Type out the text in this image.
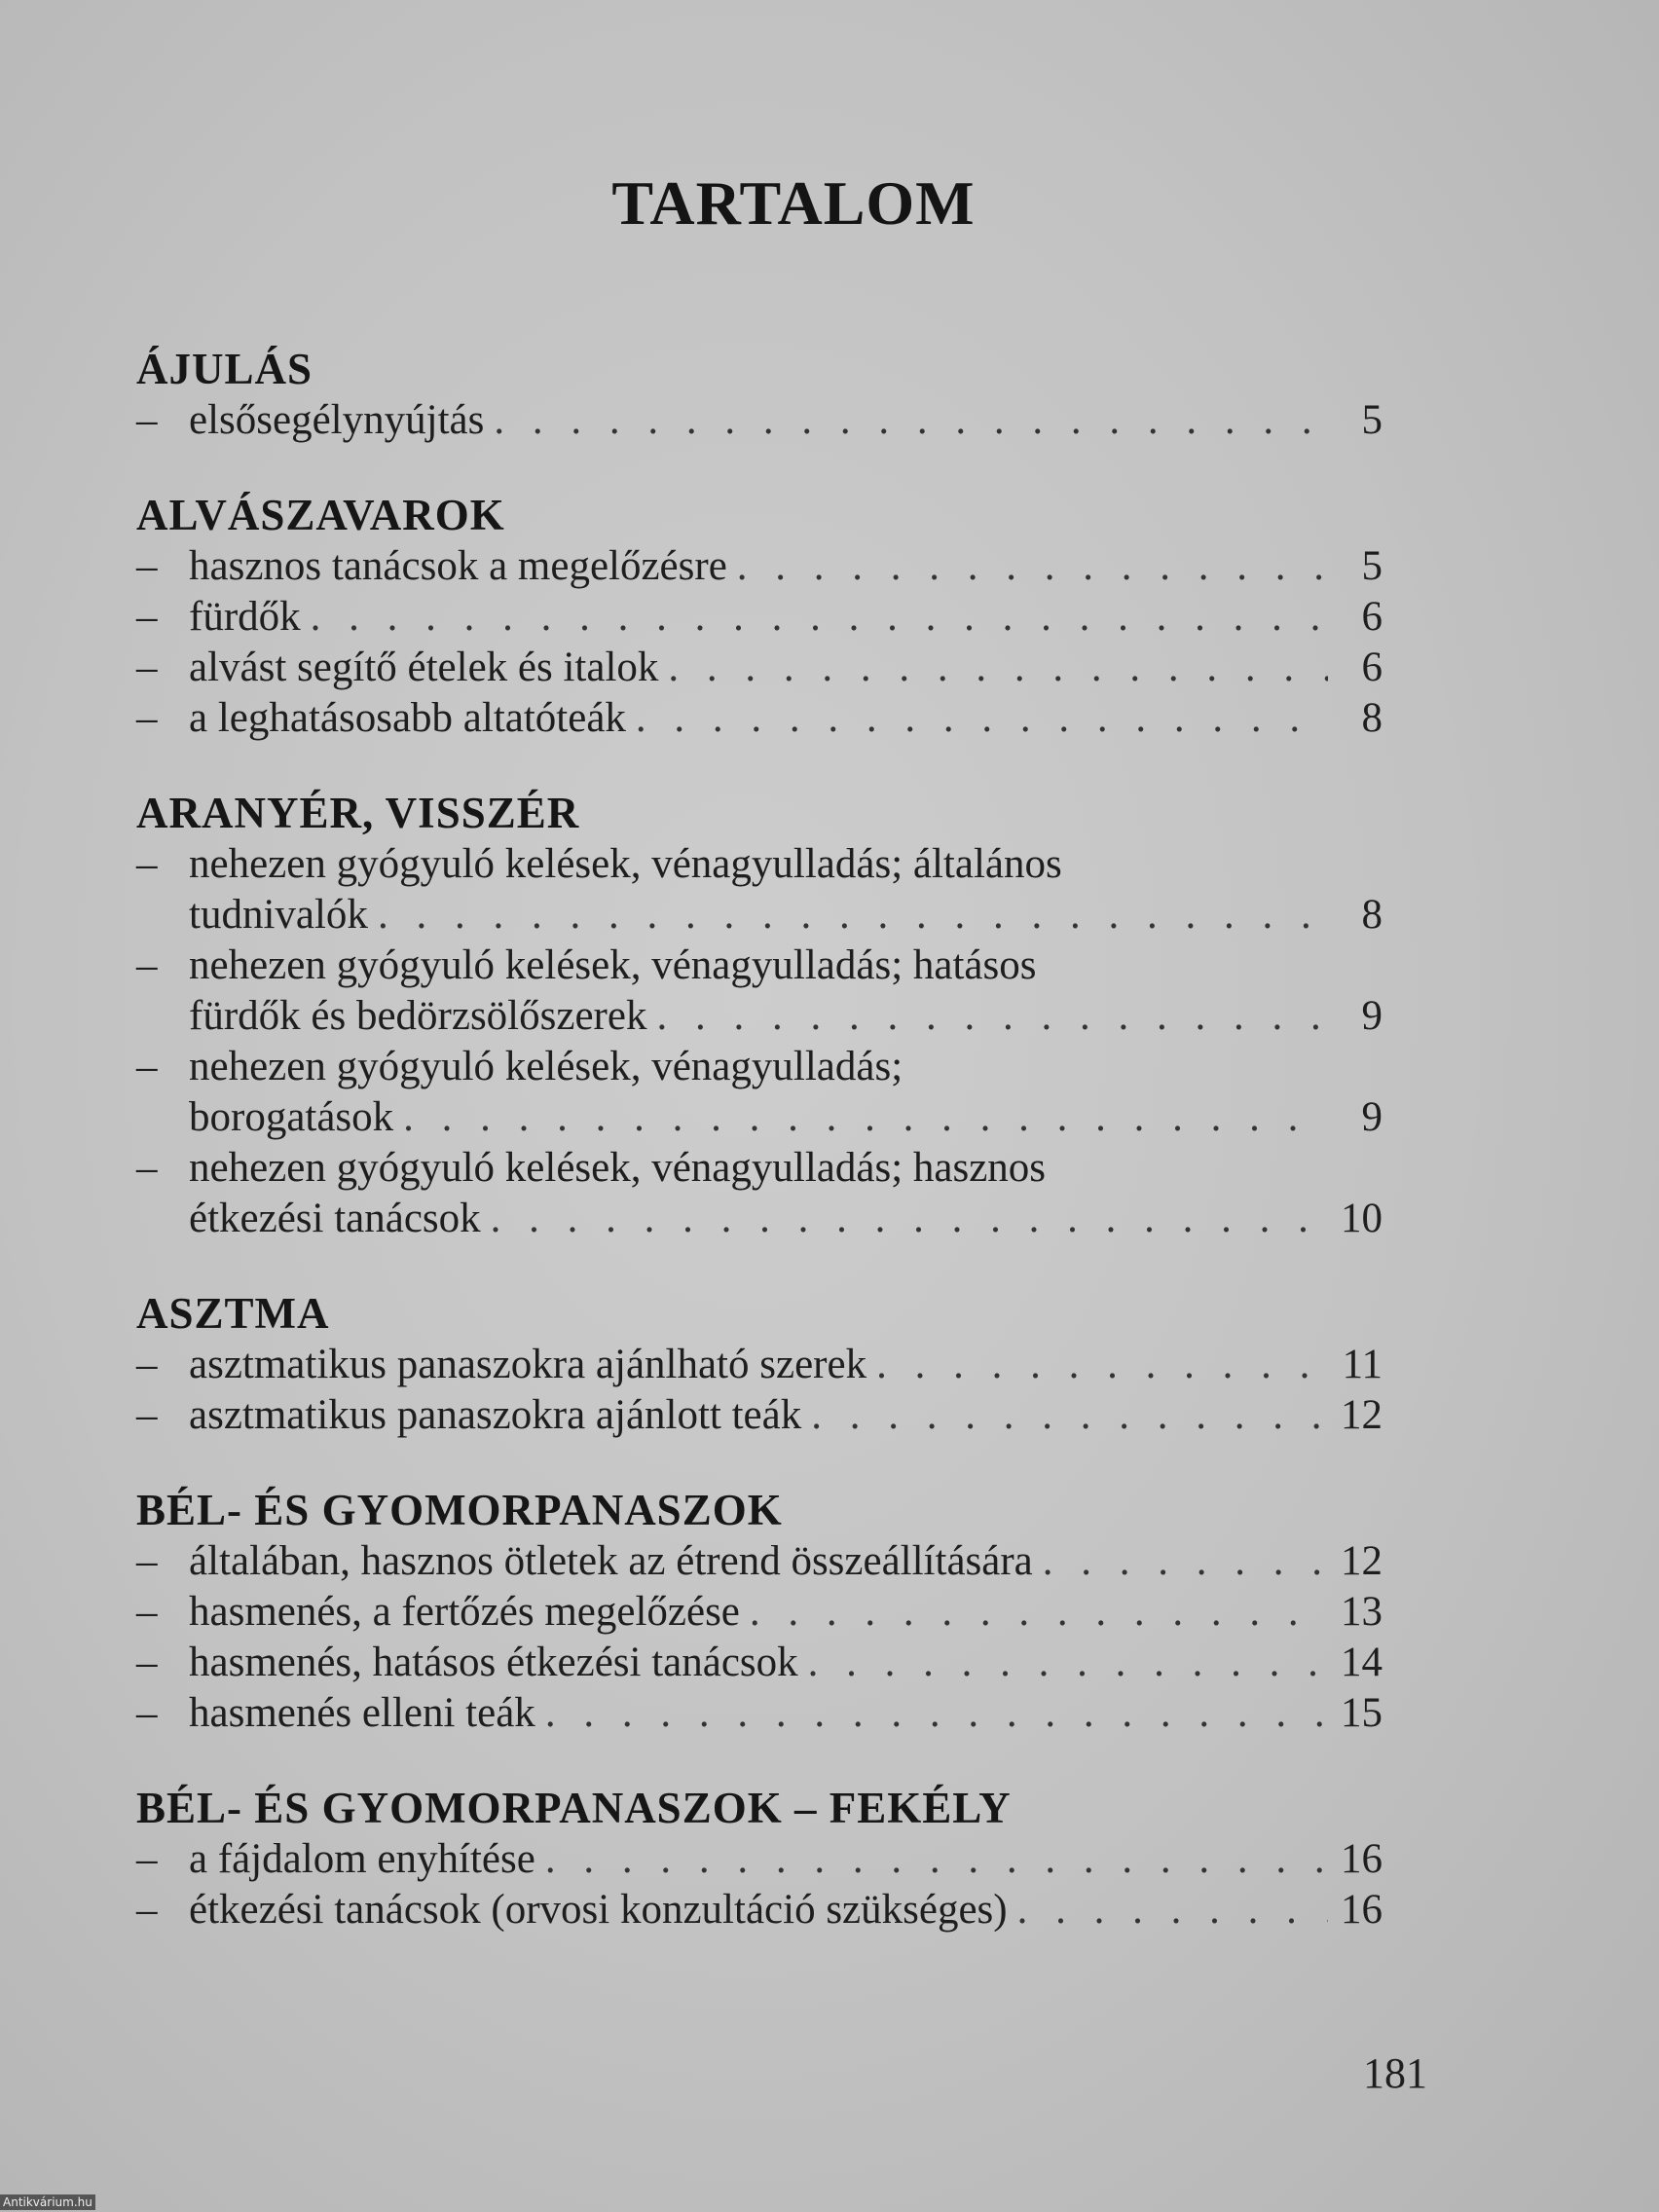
TARTALOM
ÁJULÁS
– elsősegélynyújtás . . .	5
ALVÁSZAVAROK
– hasznos tanácsok a megelőzésre . . .	5
– fürdők . . .	6
– alvást segítő ételek és italok . . .	6
– a leghatásosabb altatóteák . . .	8
ARANYÉR, VISSZÉR
– nehezen gyógyuló kelések, vénagyulladás; általános
tudnivalók . . .	8
– nehezen gyógyuló kelések, vénagyulladás; hatásos
fürdők és bedörzsölőszerek . . .	9
– nehezen gyógyuló kelések, vénagyulladás;
borogatások . . .	9
– nehezen gyógyuló kelések, vénagyulladás; hasznos
étkezési tanácsok . . .	10
ASZTMA
– asztmatikus panaszokra ajánlható szerek . . .	11
– asztmatikus panaszokra ajánlott teák . . .	12
BÉL- ÉS GYOMORPANASZOK
– általában, hasznos ötletek az étrend összeállítására . . .	12
– hasmenés, a fertőzés megelőzése . . .	13
– hasmenés, hatásos étkezési tanácsok . . .	14
– hasmenés elleni teák . . .	15
BÉL- ÉS GYOMORPANASZOK – FEKÉLY
– a fájdalom enyhítése . . .	16
– étkezési tanácsok (orvosi konzultáció szükséges) . . .	16
181
Antikvárium.hu
